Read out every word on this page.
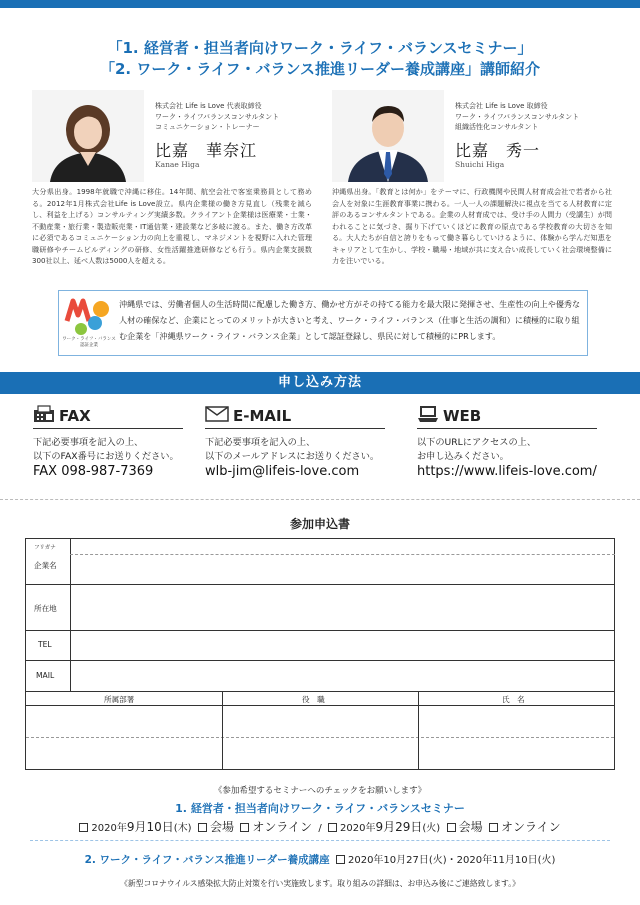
「1. 経営者・担当者向けワーク・ライフ・バランスセミナー」
「2. ワーク・ライフ・バランス推進リーダー養成講座」講師紹介
株式会社 Life is Love 代表取締役
ワーク・ライフバランスコンサルタント
コミュニケーション・トレーナー
比嘉　華奈江
Kanae Higa
大分県出身。1998年就職で沖縄に移住。14年間、航空会社で客室乗務員として務める。2012年1月株式会社Life is Love設立。県内企業様の働き方見直し（残業を減らし、利益を上げる）コンサルティング実績多数。クライアント企業様は医療業・士業・不動産業・旅行業・製造販売業・IT通信業・建設業など多岐に渡る。また、働き方改革に必須であるコミュニケーション力の向上を重視し、マネジメントを視野に入れた管理職研修やチームビルディングの研修、女性活躍推進研修なども行う。県内企業支援数300社以上、延べ人数は5000人を超える。
株式会社 Life is Love 取締役
ワーク・ライフバランスコンサルタント
組織活性化コンサルタント
比嘉　秀一
Shuichi Higa
沖縄県出身。「教育とは何か」をテーマに、行政機関や民間人材育成会社で若者から社会人を対象に生涯教育事業に携わる。一人一人の課題解決に視点を当てる人材教育に定評のあるコンサルタントである。企業の人材育成では、受け手の人間力（受講生）が問われることに気づき、掘り下げていくほどに教育の原点である学校教育の大切さを知る。大人たちが自信と誇りをもって働き暮らしていけるように、体験から学んだ知恵をキャリアとして生かし、学校・職場・地域が共に支え合い成長していく社会環境整備に力を注いでいる。
ワーク・ライフ・バランス
認証企業
沖縄県では、労働者個人の生活時間に配慮した働き方、働かせ方がその持てる能力を最大限に発揮させ、生産性の向上や優秀な人材の確保など、企業にとってのメリットが大きいと考え、ワーク・ライフ・バランス（仕事と生活の調和）に積極的に取り組む企業を「沖縄県ワーク・ライフ・バランス企業」として認証登録し、県民に対して積極的にPRします。
申し込み方法
FAX
下記必要事項を記入の上、
以下のFAX番号にお送りください。
FAX 098-987-7369
E-MAIL
下記必要事項を記入の上、
以下のメールアドレスにお送りください。
wlb-jim@lifeis-love.com
WEB
以下のURLにアクセスの上、
お申し込みください。
https://www.lifeis-love.com/
参加申込書
フリガナ
企業名
所在地
TEL
MAIL
所属部署	役　職	氏　名
《参加希望するセミナーへのチェックをお願いします》
1. 経営者・担当者向けワーク・ライフ・バランスセミナー
2020年9月10日(木) 会場 オンライン / 2020年9月29日(火) 会場 オンライン
2. ワーク・ライフ・バランス推進リーダー養成講座 2020年10月27日(火)・2020年11月10日(火)
《新型コロナウイルス感染拡大防止対策を行い実施致します。取り組みの詳細は、お申込み後にご連絡致します。》
